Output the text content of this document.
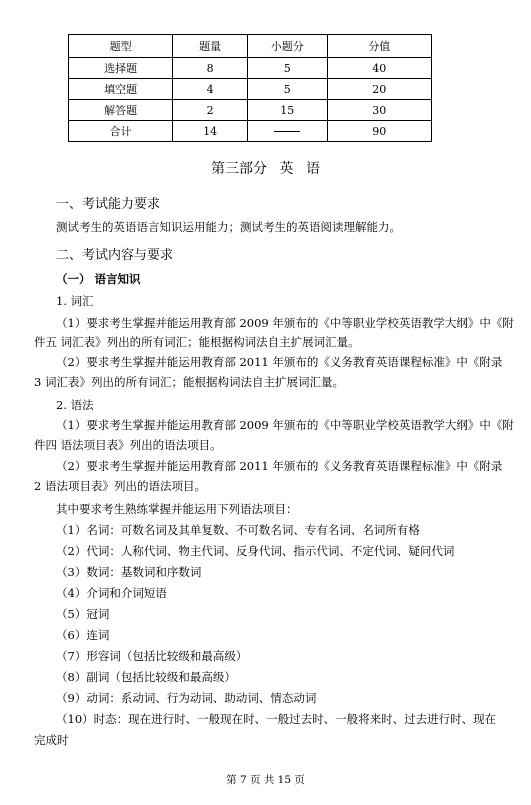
题型	题量	小题分	分值
选择题	8	5	40
填空题	4	5	20
解答题	2	15	30
合计	14		90
第三部分 英 语
一、考试能力要求
测试考生的英语语言知识运用能力；测试考生的英语阅读理解能力。
二、考试内容与要求
（一） 语言知识
1. 词汇
（1）要求考生掌握并能运用教育部 2009 年颁布的《中等职业学校英语教学大纲》中《附
件五 词汇表》列出的所有词汇；能根据构词法自主扩展词汇量。
（2）要求考生掌握并能运用教育部 2011 年颁布的《义务教育英语课程标准》中《附录
3 词汇表》列出的所有词汇；能根据构词法自主扩展词汇量。
2. 语法
（1）要求考生掌握并能运用教育部 2009 年颁布的《中等职业学校英语教学大纲》中《附
件四 语法项目表》列出的语法项目。
（2）要求考生掌握并能运用教育部 2011 年颁布的《义务教育英语课程标准》中《附录
2 语法项目表》列出的语法项目。
其中要求考生熟练掌握并能运用下列语法项目：
（1）名词：可数名词及其单复数、不可数名词、专有名词、名词所有格
（2）代词：人称代词、物主代词、反身代词、指示代词、不定代词、疑问代词
（3）数词：基数词和序数词
（4）介词和介词短语
（5）冠词
（6）连词
（7）形容词（包括比较级和最高级）
（8）副词（包括比较级和最高级）
（9）动词：系动词、行为动词、助动词、情态动词
（10）时态：现在进行时、一般现在时、一般过去时、一般将来时、过去进行时、现在
完成时
第 7 页 共 15 页
